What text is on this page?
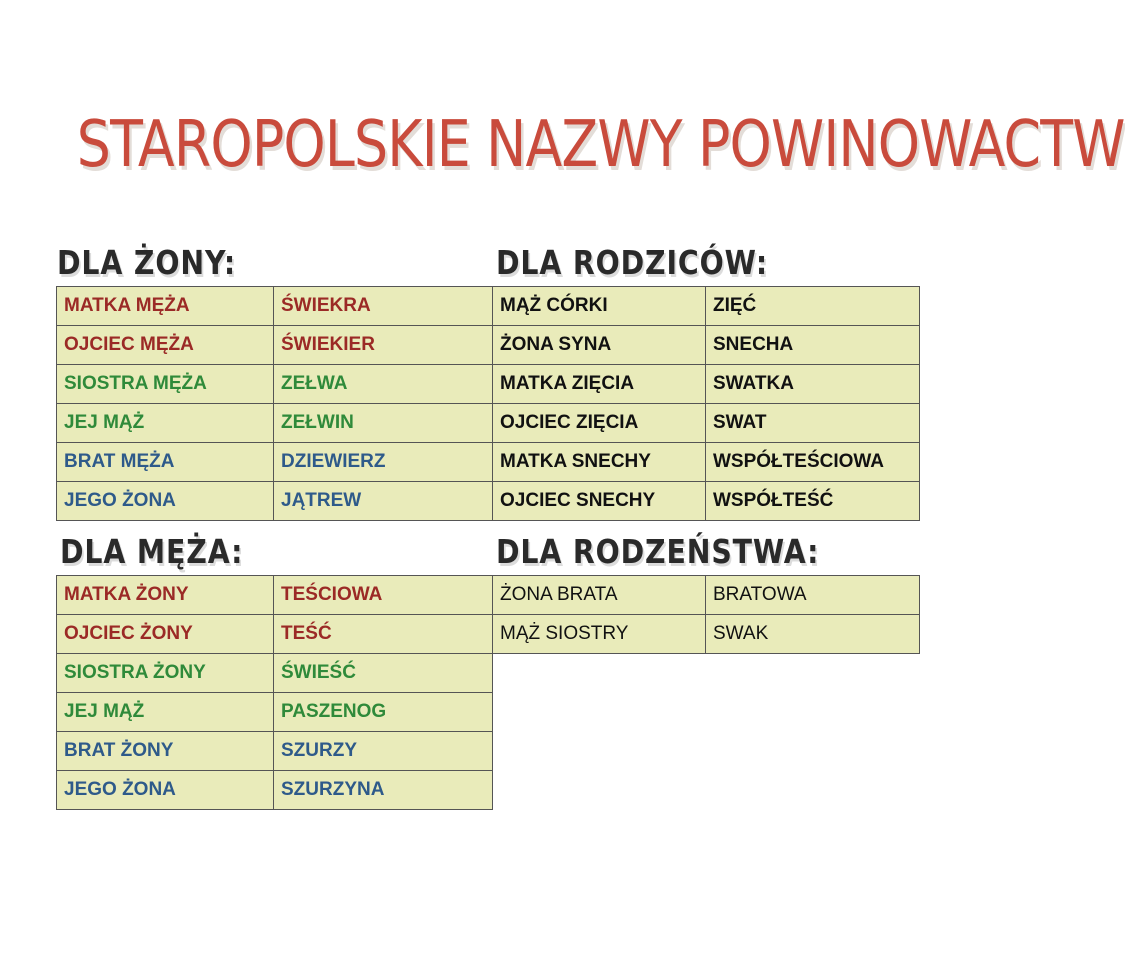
STAROPOLSKIE NAZWY POWINOWACTW
DLA ŻONY:
MATKA MĘŻA	ŚWIEKRA
OJCIEC MĘŻA	ŚWIEKIER
SIOSTRA MĘŻA	ZEŁWA
JEJ MĄŻ	ZEŁWIN
BRAT MĘŻA	DZIEWIERZ
JEGO ŻONA	JĄTREW
DLA RODZICÓW:
MĄŻ CÓRKI	ZIĘĆ
ŻONA SYNA	SNECHA
MATKA ZIĘCIA	SWATKA
OJCIEC ZIĘCIA	SWAT
MATKA SNECHY	WSPÓŁTEŚCIOWA
OJCIEC SNECHY	WSPÓŁTEŚĆ
DLA MĘŻA:
MATKA ŻONY	TEŚCIOWA
OJCIEC ŻONY	TEŚĆ
SIOSTRA ŻONY	ŚWIEŚĆ
JEJ MĄŻ	PASZENOG
BRAT ŻONY	SZURZY
JEGO ŻONA	SZURZYNA
DLA RODZEŃSTWA:
ŻONA BRATA	BRATOWA
MĄŻ SIOSTRY	SWAK
